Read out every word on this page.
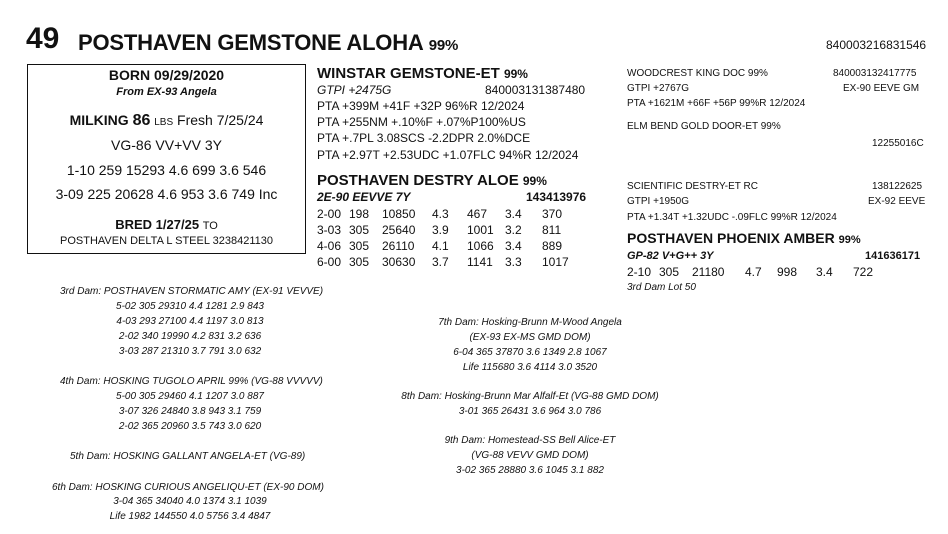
49 POSTHAVEN GEMSTONE ALOHA 99%	840003216831546
BORN 09/29/2020
From EX-93 Angela
MILKING 86 LBS Fresh 7/25/24
VG-86 VV+VV 3Y
1-10 259 15293 4.6 699 3.6 546
3-09 225 20628 4.6 953 3.6 749 Inc
BRED 1/27/25 TO
POSTHAVEN DELTA L STEEL 3238421130
WINSTAR GEMSTONE-ET 99%
GTPI +2475G	840003131387480
PTA +399M +41F +32P 96%R 12/2024
PTA +255NM +.10%F +.07%P100%US
PTA +.7PL 3.08SCS -2.2DPR 2.0%DCE
PTA +2.97T +2.53UDC +1.07FLC 94%R 12/2024
WOODCREST KING DOC 99%	840003132417775
GTPI +2767G	EX-90 EEVE GM
PTA +1621M +66F +56P 99%R 12/2024
ELM BEND GOLD DOOR-ET 99%
12255016C
POSTHAVEN DESTRY ALOE 99%
2E-90 EEVVE 7Y	143413976
2-00 198 10850 4.3 467 3.4 370
3-03 305 25640 3.9 1001 3.2 811
4-06 305 26110 4.1 1066 3.4 889
6-00 305 30630 3.7 1141 3.3 1017
SCIENTIFIC DESTRY-ET RC	138122625
GTPI +1950G	EX-92 EEVE
PTA +1.34T +1.32UDC -.09FLC 99%R 12/2024
POSTHAVEN PHOENIX AMBER 99%
GP-82 V+G++ 3Y	141636171
2-10 305 21180 4.7 998 3.4 722
3rd Dam Lot 50
3rd Dam: POSTHAVEN STORMATIC AMY (EX-91 VEVVE)
5-02 305 29310 4.4 1281 2.9 843
4-03 293 27100 4.4 1197 3.0 813
2-02 340 19990 4.2 831 3.2 636
3-03 287 21310 3.7 791 3.0 632
4th Dam: HOSKING TUGOLO APRIL 99% (VG-88 VVVVV)
5-00 305 29460 4.1 1207 3.0 887
3-07 326 24840 3.8 943 3.1 759
2-02 365 20960 3.5 743 3.0 620
5th Dam: HOSKING GALLANT ANGELA-ET (VG-89)
6th Dam: HOSKING CURIOUS ANGELIQU-ET (EX-90 DOM)
3-04 365 34040 4.0 1374 3.1 1039
Life 1982 144550 4.0 5756 3.4 4847
7th Dam: Hosking-Brunn M-Wood Angela
(EX-93 EX-MS GMD DOM)
6-04 365 37870 3.6 1349 2.8 1067
Life 115680 3.6 4114 3.0 3520
8th Dam: Hosking-Brunn Mar Alfalf-Et (VG-88 GMD DOM)
3-01 365 26431 3.6 964 3.0 786
9th Dam: Homestead-SS Bell Alice-ET
(VG-88 VEVV GMD DOM)
3-02 365 28880 3.6 1045 3.1 882
